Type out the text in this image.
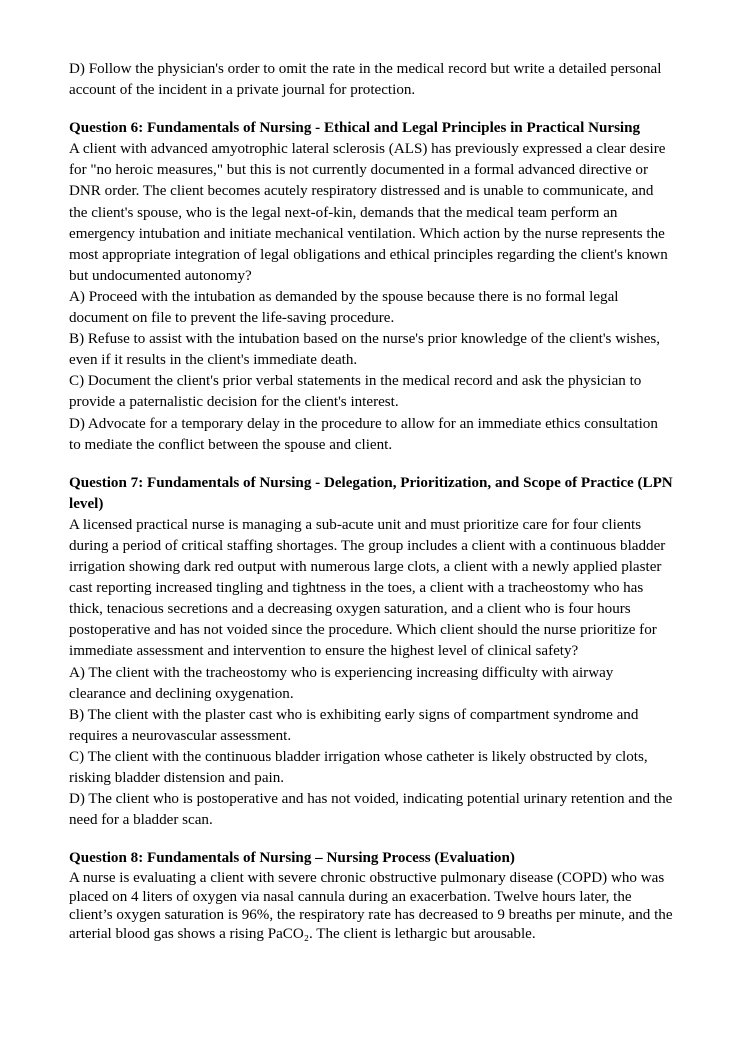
D) Follow the physician's order to omit the rate in the medical record but write a detailed personal account of the incident in a private journal for protection.

Question 6: Fundamentals of Nursing - Ethical and Legal Principles in Practical Nursing

A client with advanced amyotrophic lateral sclerosis (ALS) has previously expressed a clear desire for "no heroic measures," but this is not currently documented in a formal advanced directive or DNR order. The client becomes acutely respiratory distressed and is unable to communicate, and the client's spouse, who is the legal next-of-kin, demands that the medical team perform an emergency intubation and initiate mechanical ventilation. Which action by the nurse represents the most appropriate integration of legal obligations and ethical principles regarding the client's known but undocumented autonomy?

A) Proceed with the intubation as demanded by the spouse because there is no formal legal document on file to prevent the life-saving procedure.

B) Refuse to assist with the intubation based on the nurse's prior knowledge of the client's wishes, even if it results in the client's immediate death.

C) Document the client's prior verbal statements in the medical record and ask the physician to provide a paternalistic decision for the client's interest.

D) Advocate for a temporary delay in the procedure to allow for an immediate ethics consultation to mediate the conflict between the spouse and client.

Question 7: Fundamentals of Nursing - Delegation, Prioritization, and Scope of Practice (LPN level)

A licensed practical nurse is managing a sub-acute unit and must prioritize care for four clients during a period of critical staffing shortages. The group includes a client with a continuous bladder irrigation showing dark red output with numerous large clots, a client with a newly applied plaster cast reporting increased tingling and tightness in the toes, a client with a tracheostomy who has thick, tenacious secretions and a decreasing oxygen saturation, and a client who is four hours postoperative and has not voided since the procedure. Which client should the nurse prioritize for immediate assessment and intervention to ensure the highest level of clinical safety?

A) The client with the tracheostomy who is experiencing increasing difficulty with airway clearance and declining oxygenation.

B) The client with the plaster cast who is exhibiting early signs of compartment syndrome and requires a neurovascular assessment.

C) The client with the continuous bladder irrigation whose catheter is likely obstructed by clots, risking bladder distension and pain.

D) The client who is postoperative and has not voided, indicating potential urinary retention and the need for a bladder scan.

Question 8: Fundamentals of Nursing – Nursing Process (Evaluation)

A nurse is evaluating a client with severe chronic obstructive pulmonary disease (COPD) who was placed on 4 liters of oxygen via nasal cannula during an exacerbation. Twelve hours later, the client’s oxygen saturation is 96%, the respiratory rate has decreased to 9 breaths per minute, and the arterial blood gas shows a rising PaCO₂. The client is lethargic but arousable.
